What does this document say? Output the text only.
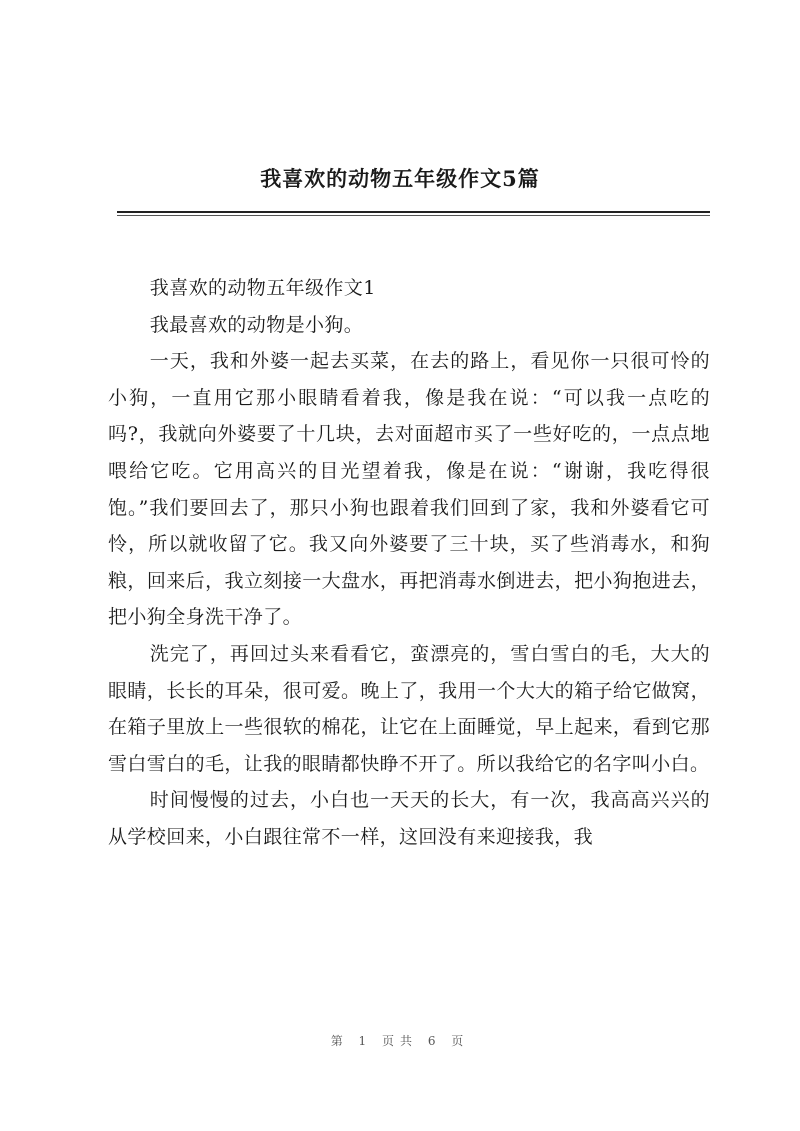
我喜欢的动物五年级作文5篇

我喜欢的动物五年级作文1

我最喜欢的动物是小狗。

一天，我和外婆一起去买菜，在去的路上，看见你一只很可怜的小狗，一直用它那小眼睛看着我，像是我在说：“可以我一点吃的吗?，我就向外婆要了十几块，去对面超市买了一些好吃的，一点点地喂给它吃。它用高兴的目光望着我，像是在说：“谢谢，我吃得很饱。”我们要回去了，那只小狗也跟着我们回到了家，我和外婆看它可怜，所以就收留了它。我又向外婆要了三十块，买了些消毒水，和狗粮，回来后，我立刻接一大盘水，再把消毒水倒进去，把小狗抱进去，把小狗全身洗干净了。

洗完了，再回过头来看看它，蛮漂亮的，雪白雪白的毛，大大的眼睛，长长的耳朵，很可爱。晚上了，我用一个大大的箱子给它做窝，在箱子里放上一些很软的棉花，让它在上面睡觉，早上起来，看到它那雪白雪白的毛，让我的眼睛都快睁不开了。所以我给它的名字叫小白。

时间慢慢的过去，小白也一天天的长大，有一次，我高高兴兴的从学校回来，小白跟往常不一样，这回没有来迎接我，我

第 1 页共 6 页
